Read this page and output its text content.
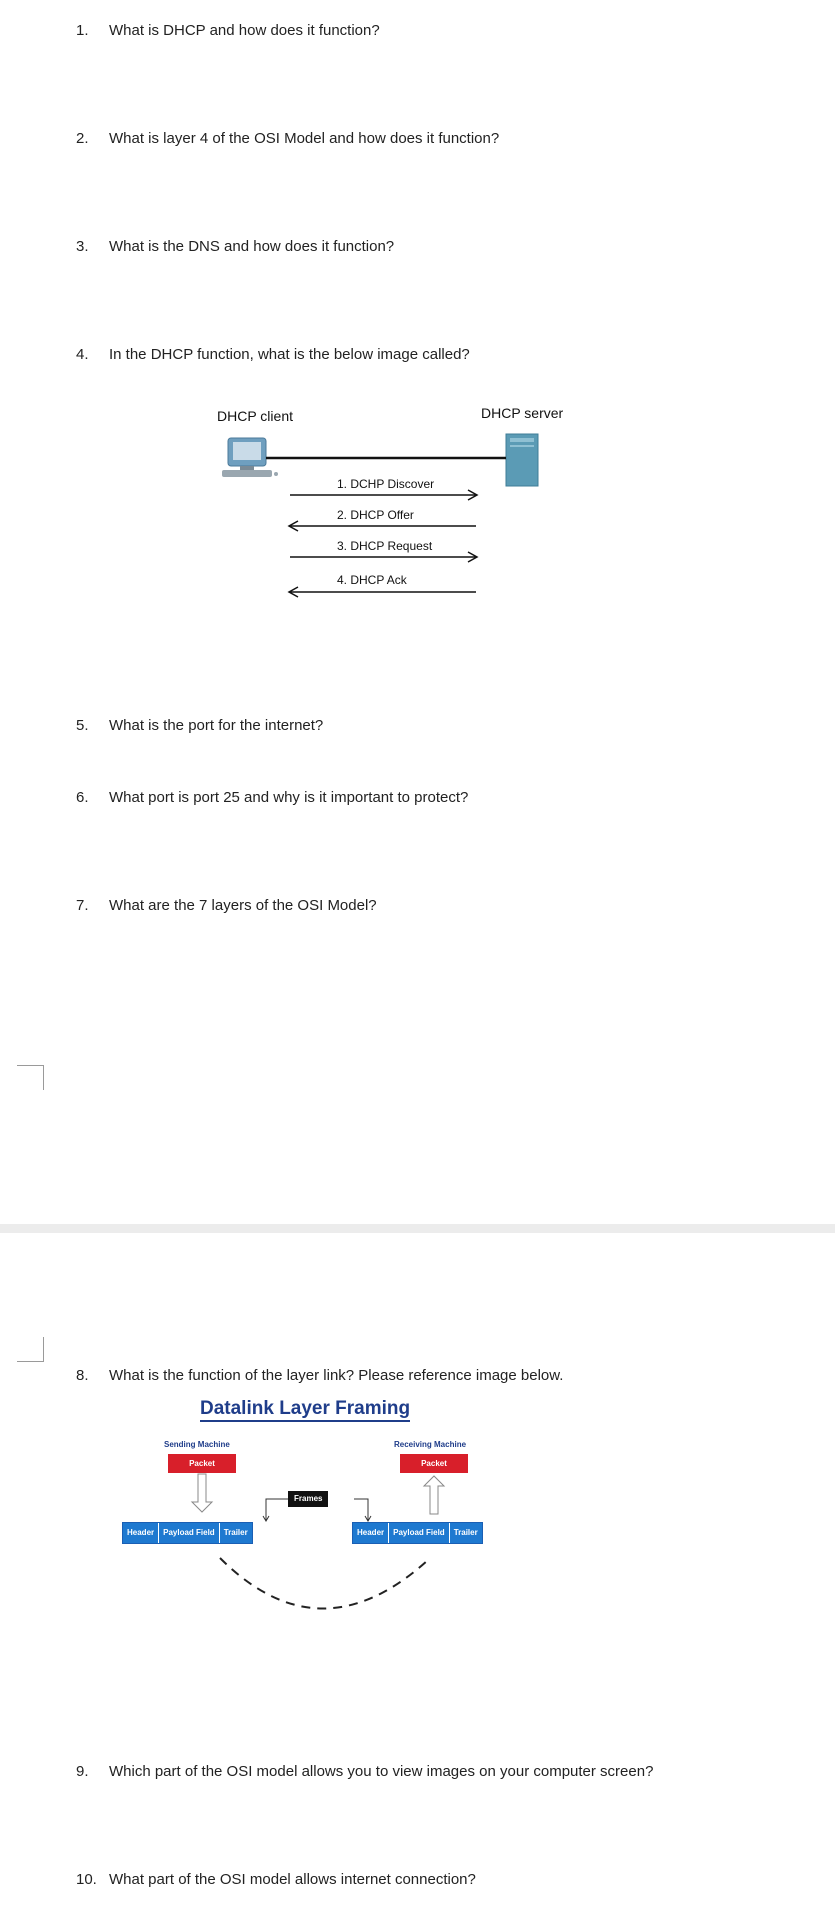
1. What is DHCP and how does it function?
2. What is layer 4 of the OSI Model and how does it function?
3. What is the DNS and how does it function?
4. In the DHCP function, what is the below image called?
DHCP client	DHCP server
1. DCHP Discover
2. DHCP Offer
3. DHCP Request
4. DHCP Ack
5. What is the port for the internet?
6. What port is port 25 and why is it important to protect?
7. What are the 7 layers of the OSI Model?
8. What is the function of the layer link? Please reference image below.
Datalink Layer Framing
Sending Machine	Receiving Machine
Packet	Packet
Frames
Header	Payload Field	Trailer	Header	Payload Field	Trailer
9. Which part of the OSI model allows you to view images on your computer screen?
10. What part of the OSI model allows internet connection?
